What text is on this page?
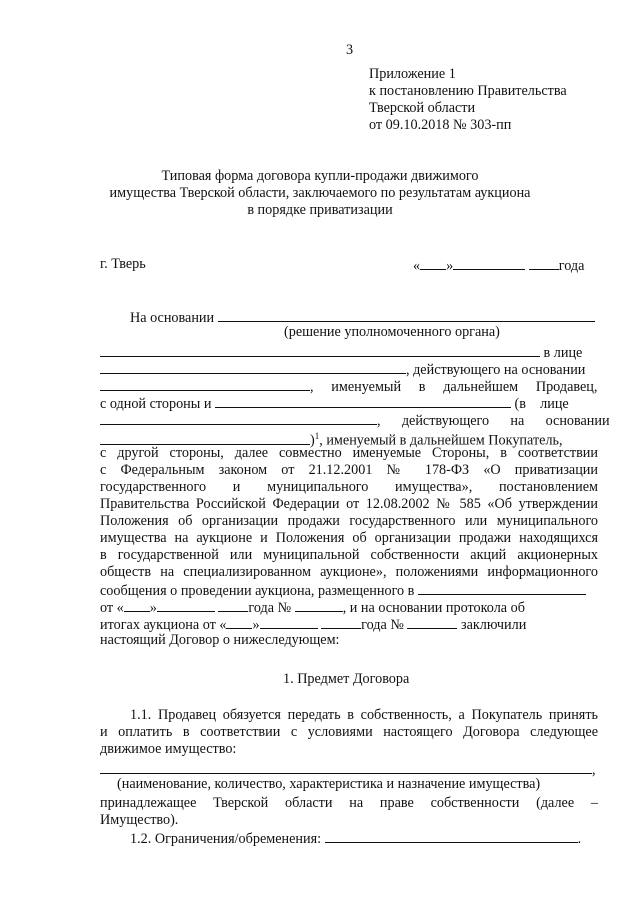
3
Приложение 1
к постановлению Правительства
Тверской области
от 09.10.2018 № 303-пп
Типовая форма договора купли-продажи движимого
имущества Тверской области, заключаемого по результатам аукциона
в порядке приватизации
г. Тверь	« »	года
На основании
(решение уполномоченного органа)
в лице
, действующего на основании
,     именуемый     в     дальнейшем     Продавец,
с одной стороны и	(в    лице
,      действующего      на      основании
)$^1$, именуемый в дальнейшем Покупатель,
с другой стороны, далее совместно именуемые Стороны, в соответствии
с Федеральным законом от 21.12.2001 № 178-ФЗ «О приватизации
государственного и муниципального имущества», постановлением
Правительства Российской Федерации от 12.08.2002 № 585 «Об утверждении
Положения об организации продажи государственного или муниципального
имущества на аукционе и Положения об организации продажи находящихся
в государственной или муниципальной собственности акций акционерных
обществ на специализированном аукционе», положениями информационного
сообщения о проведении аукциона, размещенного в
от « »	года №	, и на основании протокола об
итогах аукциона от « »	года №	заключили
настоящий Договор о нижеследующем:
1. Предмет Договора
1.1. Продавец обязуется передать в собственность, а Покупатель принять
и оплатить в соответствии с условиями настоящего Договора следующее
движимое имущество:
,
(наименование, количество, характеристика и назначение имущества)
принадлежащее Тверской области на праве собственности (далее –
Имущество).
1.2. Ограничения/обременения:	.
